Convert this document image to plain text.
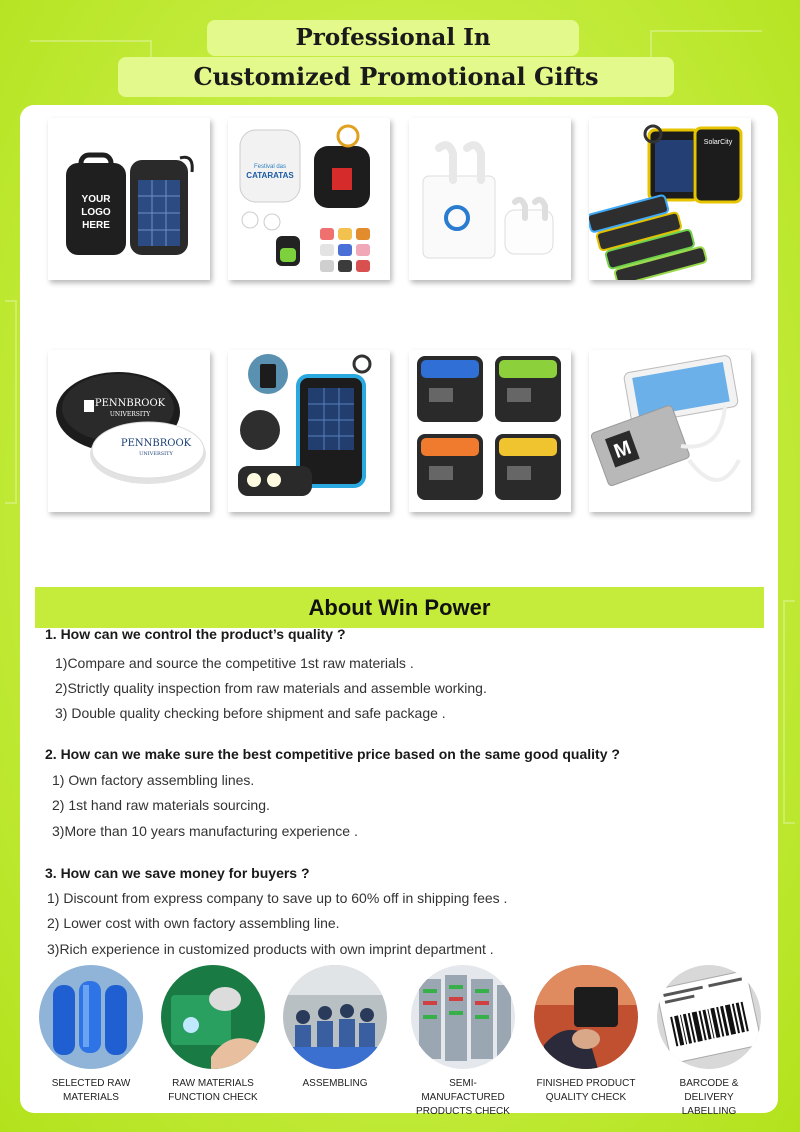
Professional In
Customized Promotional Gifts
YOUR
LOGO
HERE
Festival das
CATARATAS
SolarCity
PENNBROOK
UNIVERSITY
PENNBROOK
UNIVERSITY	M
About Win Power
1. How can we control the product’s quality ?
1)Compare and source the competitive 1st raw materials .
2)Strictly quality inspection from raw materials and assemble working.
3) Double quality checking before shipment and safe package .
2. How can we make sure the best competitive price based on the same good quality ?
1) Own factory assembling lines.
2) 1st hand raw materials sourcing.
3)More than 10 years manufacturing experience .
3. How can we save money for buyers ?
1) Discount from express company to save up to 60% off in shipping fees .
2) Lower cost with own factory assembling line.
3)Rich experience in customized products with own imprint department .
SELECTED RAW
MATERIALS
RAW MATERIALS
FUNCTION CHECK
ASSEMBLING	SEMI-MANUFACTURED
PRODUCTS CHECK
FINISHED PRODUCT
QUALITY CHECK
BARCODE & DELIVERY
LABELLING
